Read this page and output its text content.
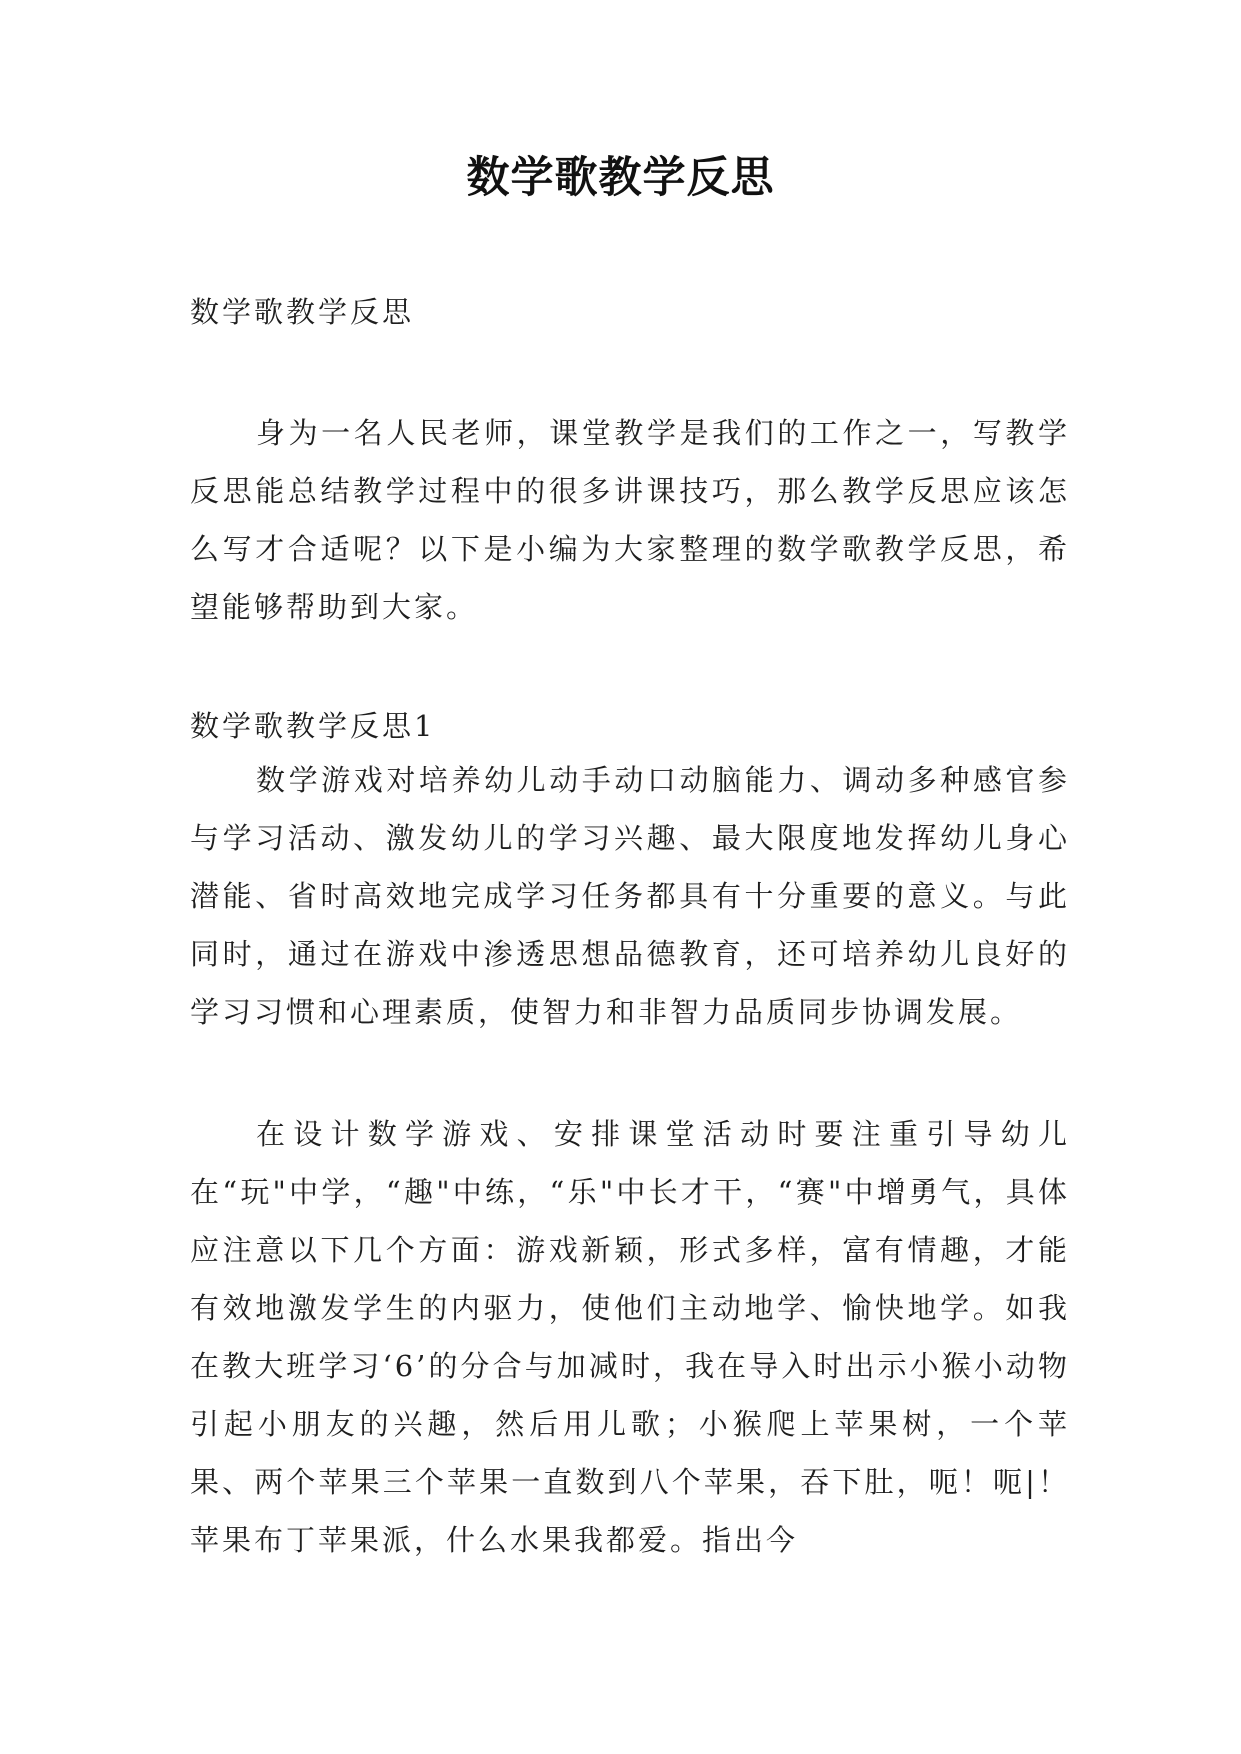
数学歌教学反思
数学歌教学反思

身为一名人民老师，课堂教学是我们的工作之一，写教学反思能总结教学过程中的很多讲课技巧，那么教学反思应该怎么写才合适呢？以下是小编为大家整理的数学歌教学反思，希望能够帮助到大家。

数学歌教学反思1

数学游戏对培养幼儿动手动口动脑能力、调动多种感官参与学习活动、激发幼儿的学习兴趣、最大限度地发挥幼儿身心潜能、省时高效地完成学习任务都具有十分重要的意义。与此同时，通过在游戏中渗透思想品德教育，还可培养幼儿良好的学习习惯和心理素质，使智力和非智力品质同步协调发展。

在设计数学游戏、安排课堂活动时要注重引导幼儿在“玩"中学，“趣"中练，“乐"中长才干，“赛"中增勇气，具体应注意以下几个方面：游戏新颖，形式多样，富有情趣，才能有效地激发学生的内驱力，使他们主动地学、愉快地学。如我在教大班学习‘6’的分合与加减时，我在导入时出示小猴小动物引起小朋友的兴趣，然后用儿歌；小猴爬上苹果树，一个苹果、两个苹果三个苹果一直数到八个苹果，吞下肚，呃！呃|！苹果布丁苹果派，什么水果我都爱。指出今
